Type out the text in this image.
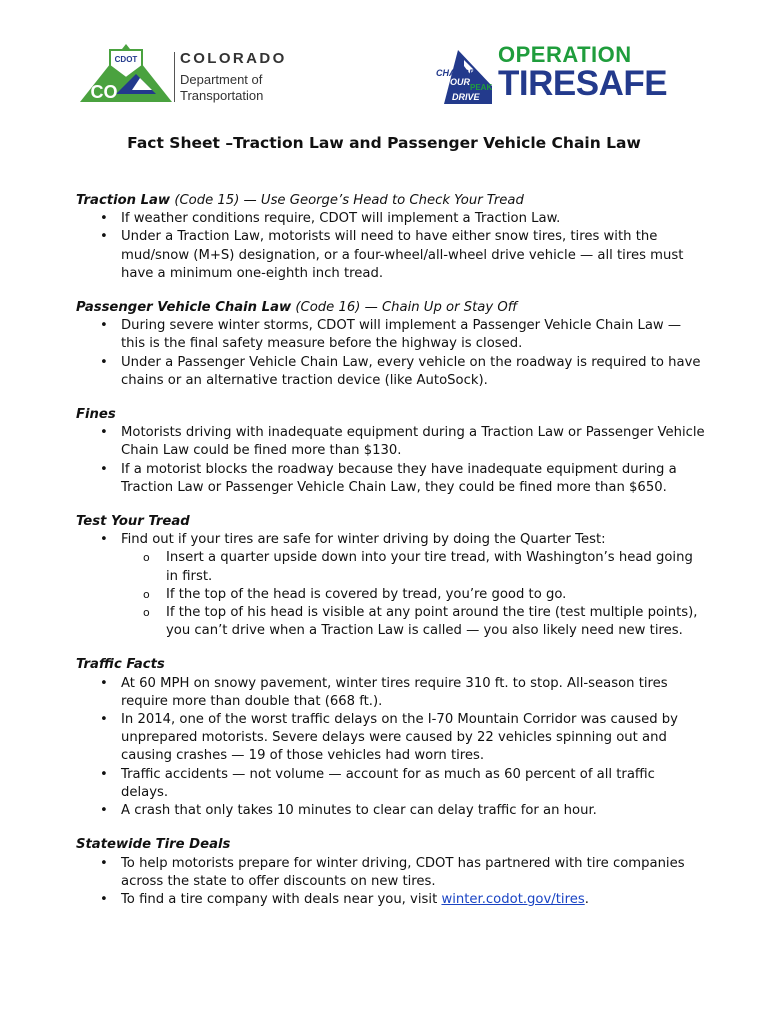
CDOT
CO
COLORADO
Department of
Transportation
CHANGE
YOUR
PEAK
DRIVE
OPERATION
TIRESAFE
Fact Sheet –Traction Law and Passenger Vehicle Chain Law
Traction Law (Code 15) — Use George’s Head to Check Your Tread
• If weather conditions require, CDOT will implement a Traction Law.
• Under a Traction Law, motorists will need to have either snow tires, tires with the mud/snow (M+S) designation, or a four-wheel/all-wheel drive vehicle — all tires must have a minimum one-eighth inch tread.
Passenger Vehicle Chain Law (Code 16) — Chain Up or Stay Off
• During severe winter storms, CDOT will implement a Passenger Vehicle Chain Law — this is the final safety measure before the highway is closed.
• Under a Passenger Vehicle Chain Law, every vehicle on the roadway is required to have chains or an alternative traction device (like AutoSock).
Fines
• Motorists driving with inadequate equipment during a Traction Law or Passenger Vehicle Chain Law could be fined more than $130.
• If a motorist blocks the roadway because they have inadequate equipment during a Traction Law or Passenger Vehicle Chain Law, they could be fined more than $650.
Test Your Tread
• Find out if your tires are safe for winter driving by doing the Quarter Test:
o Insert a quarter upside down into your tire tread, with Washington’s head going in first.
o If the top of the head is covered by tread, you’re good to go.
o If the top of his head is visible at any point around the tire (test multiple points), you can’t drive when a Traction Law is called — you also likely need new tires.
Traffic Facts
• At 60 MPH on snowy pavement, winter tires require 310 ft. to stop. All-season tires require more than double that (668 ft.).
• In 2014, one of the worst traffic delays on the I-70 Mountain Corridor was caused by unprepared motorists. Severe delays were caused by 22 vehicles spinning out and causing crashes — 19 of those vehicles had worn tires.
• Traffic accidents — not volume — account for as much as 60 percent of all traffic delays.
• A crash that only takes 10 minutes to clear can delay traffic for an hour.
Statewide Tire Deals
• To help motorists prepare for winter driving, CDOT has partnered with tire companies across the state to offer discounts on new tires.
• To find a tire company with deals near you, visit winter.codot.gov/tires.
